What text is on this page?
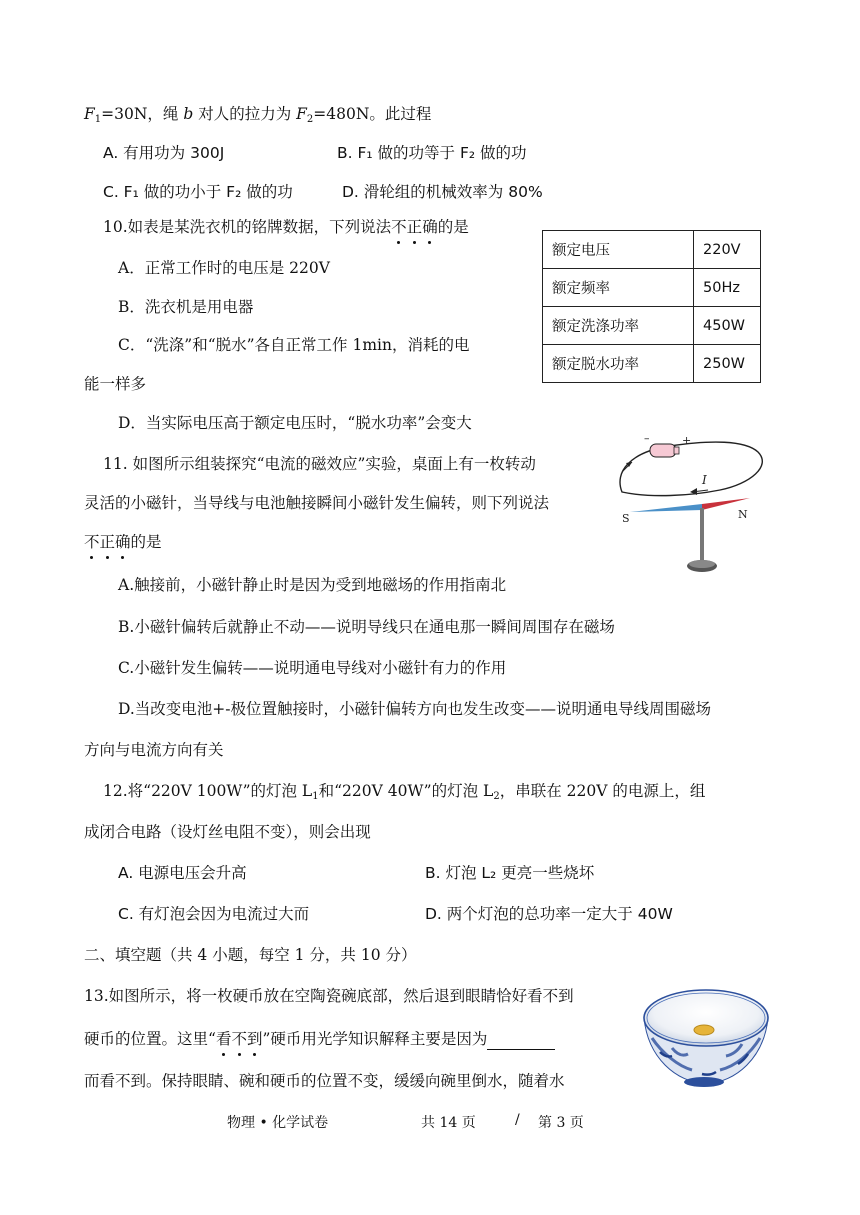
$F_1=30N$，绳 b 对人的拉力为 $F_2=480N$。此过程
A. 有用功为 300J	B. F₁ 做的功等于 F₂ 做的功
C. F₁ 做的功小于 F₂ 做的功	D. 滑轮组的机械效率为 80%
10.如表是某洗衣机的铭牌数据，下列说法不正确的是
A．正常工作时的电压是 220V
B．洗衣机是用电器
C．“洗涤”和“脱水”各自正常工作 1min，消耗的电
能一样多
D．当实际电压高于额定电压时，“脱水功率”会变大
额定电压	220V
额定频率	50Hz
额定洗涤功率	450W
额定脱水功率	250W
11. 如图所示组装探究“电流的磁效应”实验，桌面上有一枚转动
灵活的小磁针，当导线与电池触接瞬间小磁针发生偏转，则下列说法
不正确的是
A.触接前，小磁针静止时是因为受到地磁场的作用指南北
B.小磁针偏转后就静止不动——说明导线只在通电那一瞬间周围存在磁场
C.小磁针发生偏转——说明通电导线对小磁针有力的作用
D.当改变电池+-极位置触接时，小磁针偏转方向也发生改变——说明通电导线周围磁场
方向与电流方向有关
–	+
I
S	N
12.将“220V 100W”的灯泡 $L_1$和“220V 40W”的灯泡 $L_2$，串联在 220V 的电源上，组
成闭合电路（设灯丝电阻不变），则会出现
A. 电源电压会升高	B. 灯泡 L₂ 更亮一些烧坏
C. 有灯泡会因为电流过大而	D. 两个灯泡的总功率一定大于 40W
二、填空题（共 4 小题，每空 1 分，共 10 分）
13.如图所示，将一枚硬币放在空陶瓷碗底部，然后退到眼睛恰好看不到
硬币的位置。这里“看不到”硬币用光学知识解释主要是因为
而看不到。保持眼睛、碗和硬币的位置不变，缓缓向碗里倒水，随着水
物理 • 化学试卷	共 14 页	/ 第 3 页
